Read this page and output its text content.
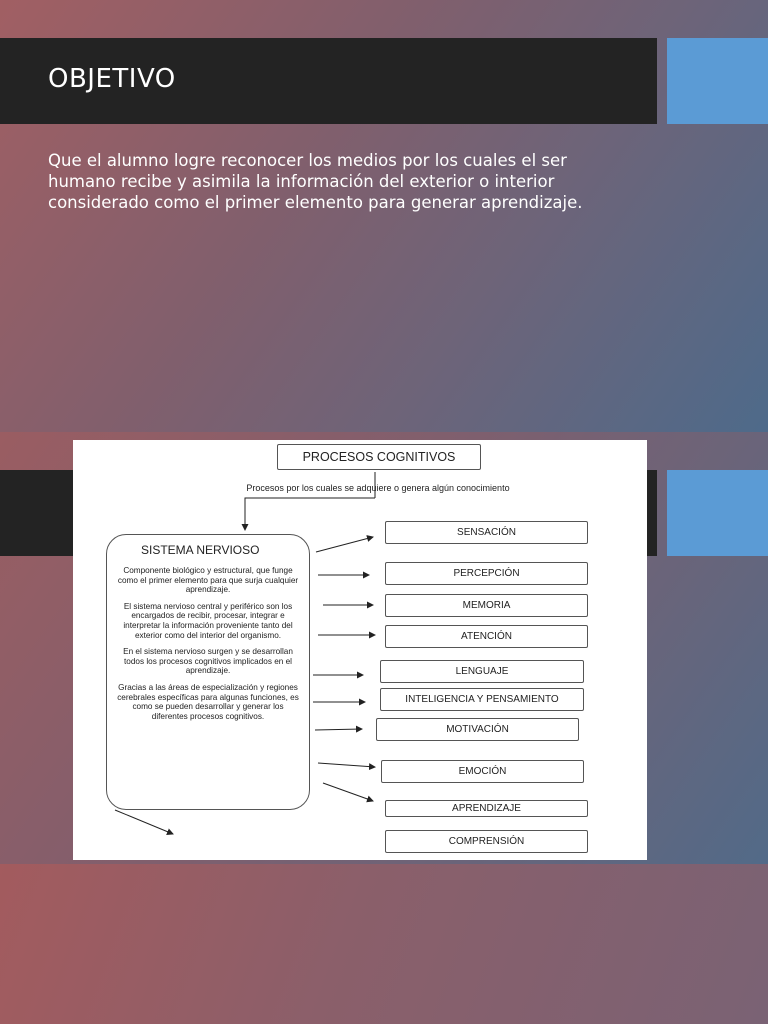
OBJETIVO
Que el alumno logre reconocer los medios por los cuales el ser humano recibe y asimila la información del exterior o interior considerado como el primer elemento para generar aprendizaje.
PROCESOS COGNITIVOS
Procesos por los cuales se adquiere o genera algún conocimiento
SISTEMA NERVIOSO

Componente biológico y estructural, que funge como el primer elemento para que surja cualquier aprendizaje.

El sistema nervioso central y periférico son los encargados de recibir, procesar, integrar e interpretar la información proveniente tanto del exterior como del interior del organismo.

En el sistema nervioso surgen y se desarrollan todos los procesos cognitivos implicados en el aprendizaje.

Gracias a las áreas de especialización y regiones cerebrales específicas para algunas funciones, es como se pueden desarrollar y generar los diferentes procesos cognitivos.

SENSACIÓN
PERCEPCIÓN
MEMORIA
ATENCIÓN
LENGUAJE
INTELIGENCIA Y PENSAMIENTO
MOTIVACIÓN
EMOCIÓN
APRENDIZAJE
COMPRENSIÓN
